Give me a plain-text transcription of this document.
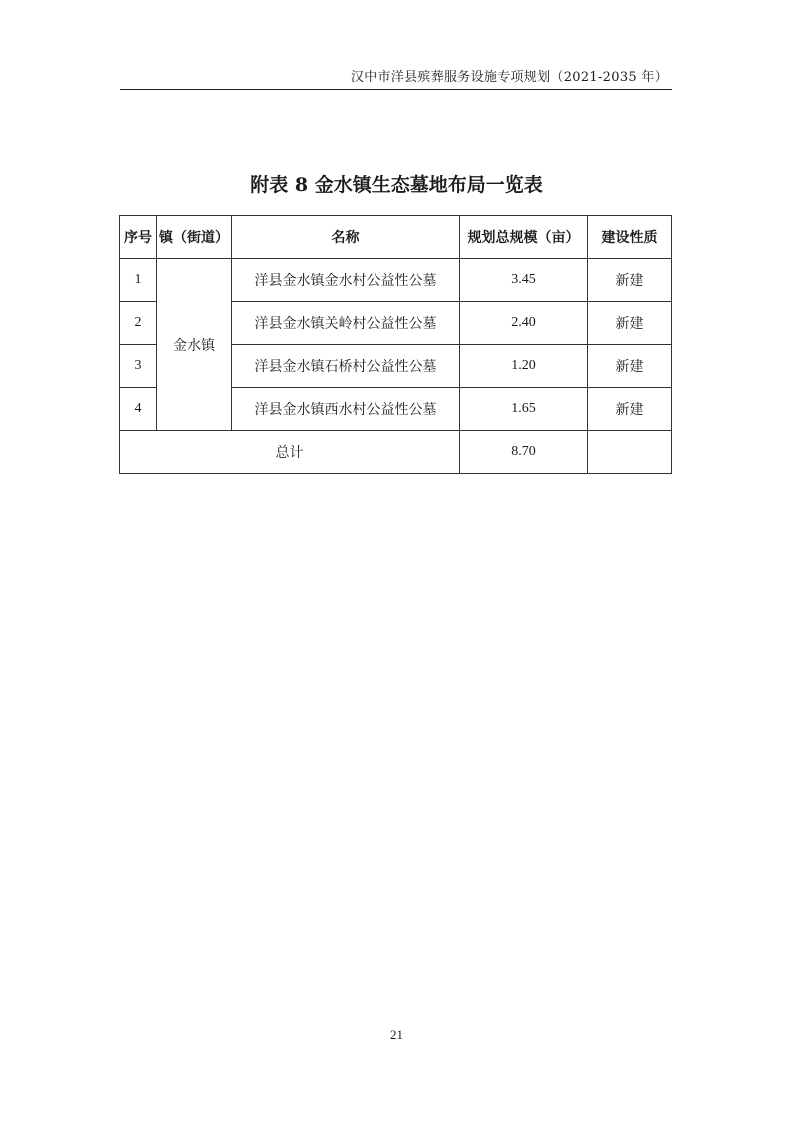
汉中市洋县殡葬服务设施专项规划（2021-2035 年）
附表 8 金水镇生态墓地布局一览表
序号	镇（街道）	名称	规划总规模（亩）	建设性质
1	金水镇	洋县金水镇金水村公益性公墓	3.45	新建
2		洋县金水镇关岭村公益性公墓	2.40	新建
3		洋县金水镇石桥村公益性公墓	1.20	新建
4		洋县金水镇西水村公益性公墓	1.65	新建
总计			8.70	
21
